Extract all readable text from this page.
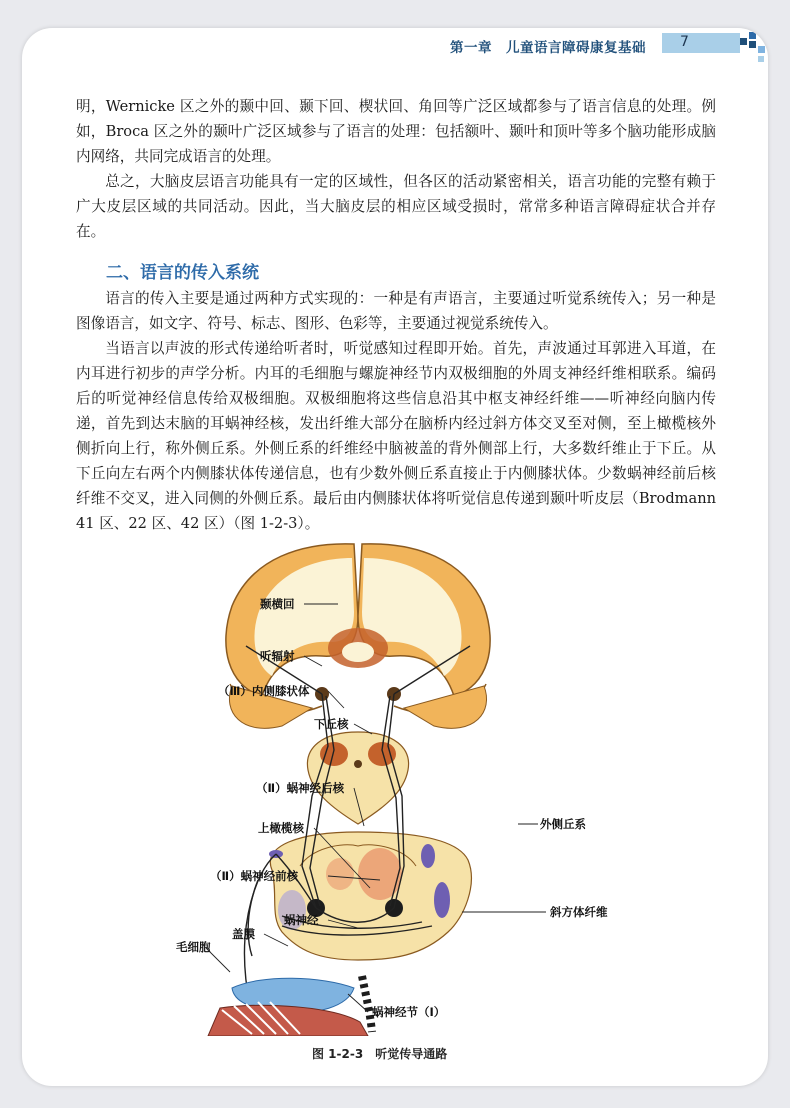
第一章　儿童语言障碍康复基础 7

明，Wernicke 区之外的颞中回、颞下回、楔状回、角回等广泛区域都参与了语言信息的处理。例如，Broca 区之外的颞叶广泛区域参与了语言的处理：包括额叶、颞叶和顶叶等多个脑功能形成脑内网络，共同完成语言的处理。

总之，大脑皮层语言功能具有一定的区域性，但各区的活动紧密相关，语言功能的完整有赖于广大皮层区域的共同活动。因此，当大脑皮层的相应区域受损时，常常多种语言障碍症状合并存在。

二、语言的传入系统

语言的传入主要是通过两种方式实现的：一种是有声语言，主要通过听觉系统传入；另一种是图像语言，如文字、符号、标志、图形、色彩等，主要通过视觉系统传入。

当语言以声波的形式传递给听者时，听觉感知过程即开始。首先，声波通过耳郭进入耳道，在内耳进行初步的声学分析。内耳的毛细胞与螺旋神经节内双极细胞的外周支神经纤维相联系。编码后的听觉神经信息传给双极细胞。双极细胞将这些信息沿其中枢支神经纤维——听神经向脑内传递，首先到达末脑的耳蜗神经核，发出纤维大部分在脑桥内经过斜方体交叉至对侧，至上橄榄核外侧折向上行，称外侧丘系。外侧丘系的纤维经中脑被盖的背外侧部上行，大多数纤维止于下丘。从下丘向左右两个内侧膝状体传递信息，也有少数外侧丘系直接止于内侧膝状体。少数蜗神经前后核纤维不交叉，进入同侧的外侧丘系。最后由内侧膝状体将听觉信息传递到颞叶听皮层（Brodmann 41 区、22 区、42 区）（图 1-2-3）。

颞横回
听辐射
（Ⅲ）内侧膝状体
下丘核
（Ⅱ）蜗神经后核
上橄榄核
（Ⅱ）蜗神经前核
蜗神经
盖膜
毛细胞
外侧丘系
斜方体纤维
蜗神经节（Ⅰ）
图 1-2-3　听觉传导通路
